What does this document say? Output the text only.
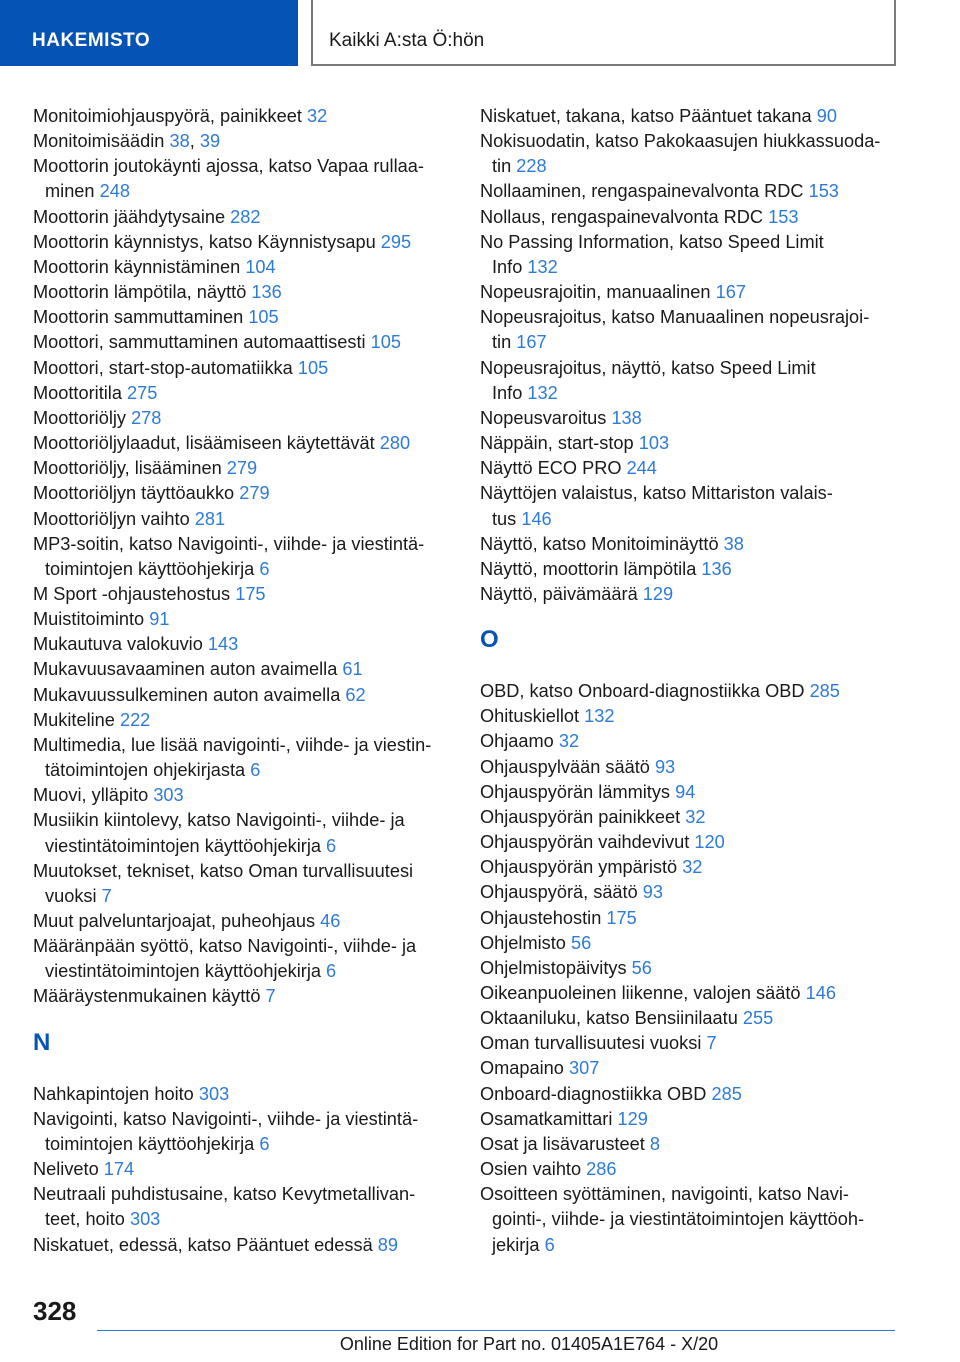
HAKEMISTO	Kaikki A:sta Ö:hön
Monitoimiohjauspyörä, painikkeet 32
Monitoimisäädin 38, 39
Moottorin joutokäynti ajossa, katso Vapaa rullaa-
minen 248
Moottorin jäähdytysaine 282
Moottorin käynnistys, katso Käynnistysapu 295
Moottorin käynnistäminen 104
Moottorin lämpötila, näyttö 136
Moottorin sammuttaminen 105
Moottori, sammuttaminen automaattisesti 105
Moottori, start-stop-automatiikka 105
Moottoritila 275
Moottoriöljy 278
Moottoriöljylaadut, lisäämiseen käytettävät 280
Moottoriöljy, lisääminen 279
Moottoriöljyn täyttöaukko 279
Moottoriöljyn vaihto 281
MP3-soitin, katso Navigointi-, viihde- ja viestintä-
toimintojen käyttöohjekirja 6
M Sport -ohjaustehostus 175
Muistitoiminto 91
Mukautuva valokuvio 143
Mukavuusavaaminen auton avaimella 61
Mukavuussulkeminen auton avaimella 62
Mukiteline 222
Multimedia, lue lisää navigointi-, viihde- ja viestin-
tätoimintojen ohjekirjasta 6
Muovi, ylläpito 303
Musiikin kiintolevy, katso Navigointi-, viihde- ja
viestintätoimintojen käyttöohjekirja 6
Muutokset, tekniset, katso Oman turvallisuutesi
vuoksi 7
Muut palveluntarjoajat, puheohjaus 46
Määränpään syöttö, katso Navigointi-, viihde- ja
viestintätoimintojen käyttöohjekirja 6
Määräystenmukainen käyttö 7
N
Nahkapintojen hoito 303
Navigointi, katso Navigointi-, viihde- ja viestintä-
toimintojen käyttöohjekirja 6
Neliveto 174
Neutraali puhdistusaine, katso Kevytmetallivan-
teet, hoito 303
Niskatuet, edessä, katso Pääntuet edessä 89
Niskatuet, takana, katso Pääntuet takana 90
Nokisuodatin, katso Pakokaasujen hiukkassuoda-
tin 228
Nollaaminen, rengaspainevalvonta RDC 153
Nollaus, rengaspainevalvonta RDC 153
No Passing Information, katso Speed Limit
Info 132
Nopeusrajoitin, manuaalinen 167
Nopeusrajoitus, katso Manuaalinen nopeusrajoi-
tin 167
Nopeusrajoitus, näyttö, katso Speed Limit
Info 132
Nopeusvaroitus 138
Näppäin, start-stop 103
Näyttö ECO PRO 244
Näyttöjen valaistus, katso Mittariston valais-
tus 146
Näyttö, katso Monitoiminäyttö 38
Näyttö, moottorin lämpötila 136
Näyttö, päivämäärä 129
O
OBD, katso Onboard-diagnostiikka OBD 285
Ohituskiellot 132
Ohjaamo 32
Ohjauspylvään säätö 93
Ohjauspyörän lämmitys 94
Ohjauspyörän painikkeet 32
Ohjauspyörän vaihdevivut 120
Ohjauspyörän ympäristö 32
Ohjauspyörä, säätö 93
Ohjaustehostin 175
Ohjelmisto 56
Ohjelmistopäivitys 56
Oikeanpuoleinen liikenne, valojen säätö 146
Oktaaniluku, katso Bensiinilaatu 255
Oman turvallisuutesi vuoksi 7
Omapaino 307
Onboard-diagnostiikka OBD 285
Osamatkamittari 129
Osat ja lisävarusteet 8
Osien vaihto 286
Osoitteen syöttäminen, navigointi, katso Navi-
gointi-, viihde- ja viestintätoimintojen käyttöoh-
jekirja 6
328
Online Edition for Part no. 01405A1E764 - X/20
